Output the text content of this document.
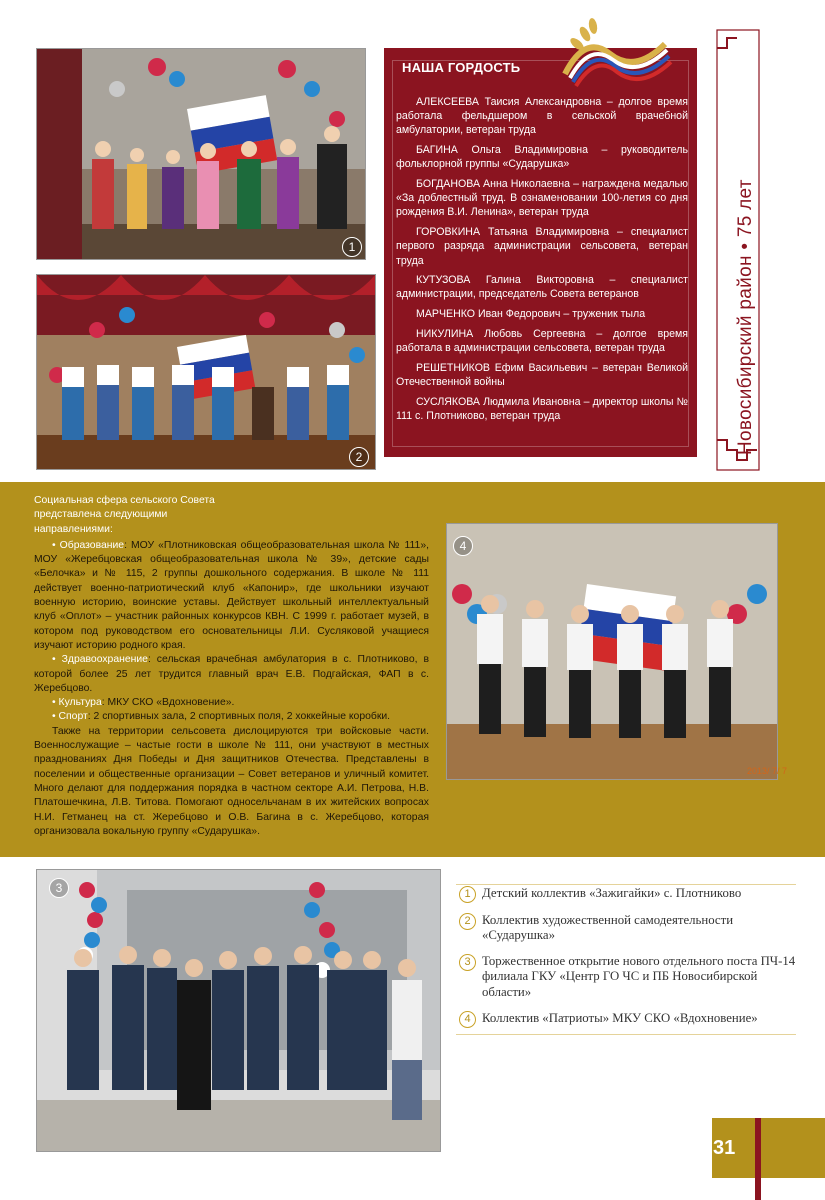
1
2
НАША ГОРДОСТЬ
АЛЕКСЕЕВА Таисия Александровна – долгое время работала фельдшером в сельской врачебной амбулатории, ветеран труда
БАГИНА Ольга Владимировна – руководитель фольклорной группы «Сударушка»
БОГДАНОВА Анна Николаевна – награждена медалью «За доблестный труд. В ознаменовании 100-летия со дня рождения В.И. Ленина», ветеран труда
ГОРОВКИНА Татьяна Владимировна – специалист первого разряда администрации сельсовета, ветеран труда
КУТУЗОВА Галина Викторовна – специалист администрации, председатель Совета ветеранов
МАРЧЕНКО Иван Федорович – труженик тыла
НИКУЛИНА Любовь Сергеевна – долгое время работала в администрации сельсовета, ветеран труда
РЕШЕТНИКОВ Ефим Васильевич – ветеран Великой Отечественной войны
СУСЛЯКОВА Людмила Ивановна – директор школы № 111 с. Плотниково, ветеран труда	Новосибирский район • 75 лет
Социальная сфера сельского Совета представлена следующими направлениями:

• Образование: МОУ «Плотниковская общеобразовательная школа № 111», МОУ «Жеребцовская общеобразовательная школа № 39», детские сады «Белочка» и № 115, 2 группы дошкольного содержания. В школе № 111 действует военно-патриотический клуб «Капонир», где школьники изучают военную историю, воинские уставы. Действует школьный интеллектуальный клуб «Оплот» – участник районных конкурсов КВН. С 1999 г. работает музей, в котором под руководством его основательницы Л.И. Сусляковой учащиеся изучают историю родного края.

• Здравоохранение: сельская врачебная амбулатория в с. Плотниково, в которой более 25 лет трудится главный врач Е.В. Подгайская, ФАП в с. Жеребцово.

• Культура: МКУ СКО «Вдохновение».

• Спорт: 2 спортивных зала, 2 спортивных поля, 2 хоккейные коробки.

Также на территории сельсовета дислоцируются три войсковые части. Военнослужащие – частые гости в школе № 111, они участвуют в местных празднованиях Дня Победы и Дня защитников Отечества. Представлены в поселении и общественные организации – Совет ветеранов и уличный комитет. Много делают для поддержания порядка в частном секторе А.И. Петрова, Н.В. Платошечкина, Л.В. Титова. Помогают односельчанам в их житейских вопросах Н.И. Гетманец на ст. Жеребцово и О.В. Багина в с. Жеребцово, которая организовала вокальную группу «Сударушка».

2013/ 7/ 7
4
3	1 Детский коллектив «Зажигайки» с. Плотниково
2 Коллектив художественной самодеятельности «Сударушка»
3 Торжественное открытие нового отдельного поста ПЧ-14 филиала ГКУ «Центр ГО ЧС и ПБ Новосибирской области»
4 Коллектив «Патриоты» МКУ СКО «Вдохновение»
31
